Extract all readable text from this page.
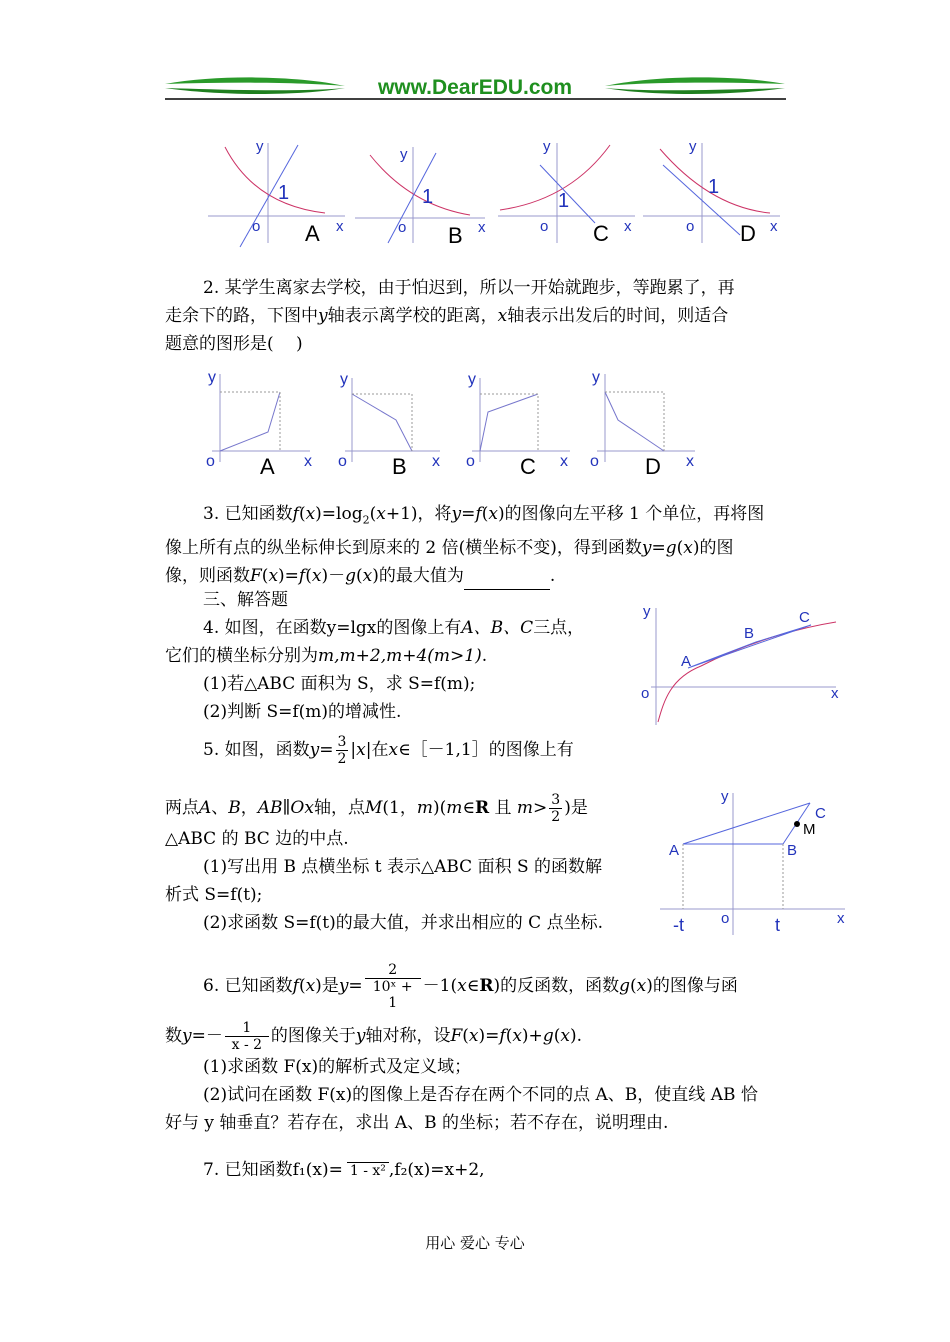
www.DearEDU.com
y
o	x
1
A
y
o	x
1
B
y
o	x
1
C
y
o	x
1
D
2. 某学生离家去学校，由于怕迟到，所以一开始就跑步，等跑累了，再
走余下的路，下图中y轴表示离学校的距离，x轴表示出发后的时间，则适合
题意的图形是(　 )
y
o	x
A
y
o	x
B
y
o	x
C
y
o	x
D
3. 已知函数$f(x)=\log_2(x+1)$，将y=f(x)的图像向左平移 1 个单位，再将图
像上所有点的纵坐标伸长到原来的 2 倍(横坐标不变)，得到函数y=g(x)的图
像，则函数F(x)=f(x)－g(x)的最大值为	.
三、解答题
4. 如图，在函数y=lgx的图像上有A、B、C三点，
它们的横坐标分别为m,m+2,m+4(m>1).
(1)若△ABC 面积为 S，求 S=f(m);
(2)判断 S=f(m)的增减性.
y
o	x
A
B
C
5. 如图，函数$y= \frac{3}{2} |x|$在x∈［－1,1］的图像上有
两点A、B，AB∥Ox轴，点M(1，m)(m∈R 且 $m> \frac{3}{2}$ )是
△ABC 的 BC 边的中点.
(1)写出用 B 点横坐标 t 表示△ABC 面积 S 的函数解
析式 S=f(t);
(2)求函数 S=f(t)的最大值，并求出相应的 C 点坐标.
y
o	x
A	B
C
M
-t	t
6. 已知函数f(x)是$y= \frac{2}{\text{10ˣ + 1}}$ －1(x∈R)的反函数，函数g(x)的图像与函
数$y=- \frac{1}{x - 2}$ 的图像关于y轴对称，设F(x)=f(x)+g(x).
(1)求函数 F(x)的解析式及定义域；
(2)试问在函数 F(x)的图像上是否存在两个不同的点 A、B，使直线 AB 恰
好与 y 轴垂直？若存在，求出 A、B 的坐标；若不存在，说明理由.
7. 已知函数f₁(x)= 1 - x² ,f₂(x)=x+2,
用心 爱心 专心
